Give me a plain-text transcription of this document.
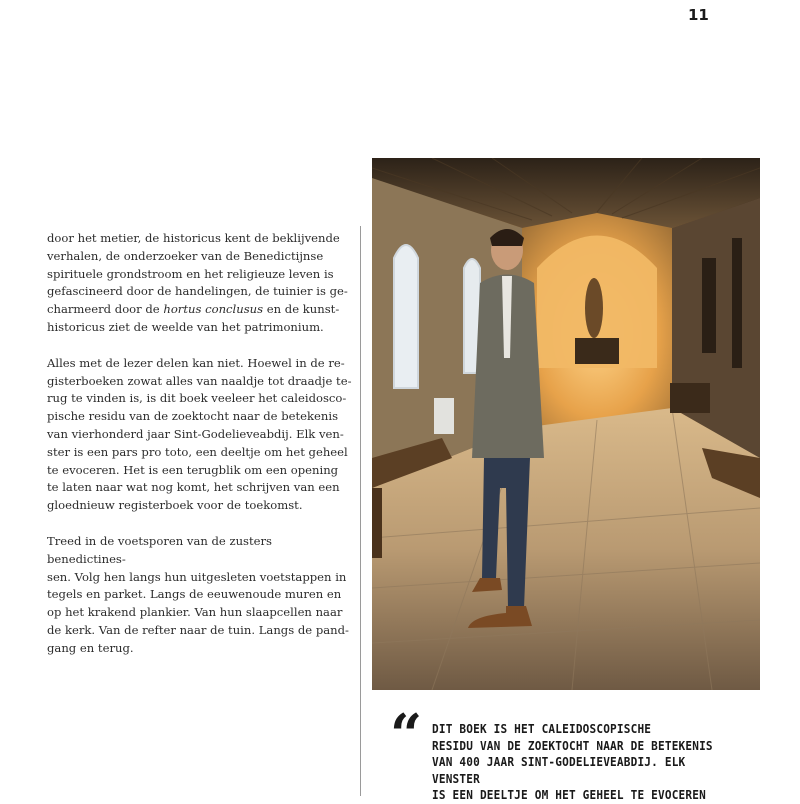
11

door het metier, de historicus kent de beklijvende
verhalen, de onderzoeker van de Benedictijnse
spirituele grondstroom en het religieuze leven is
gefascineerd door de handelingen, de tuinier is ge-
charmeerd door de hortus conclusus en de kunst-
historicus ziet de weelde van het patrimonium.

Alles met de lezer delen kan niet. Hoewel in de re-
gisterboeken zowat alles van naaldje tot draadje te-
rug te vinden is, is dit boek veeleer het caleidosco-
pische residu van de zoektocht naar de betekenis
van vierhonderd jaar Sint-Godelieveabdij. Elk ven-
ster is een pars pro toto, een deeltje om het geheel
te evoceren. Het is een terugblik om een opening
te laten naar wat nog komt, het schrijven van een
gloednieuw registerboek voor de toekomst.

Treed in de voetsporen van de zusters benedictines-
sen. Volg hen langs hun uitgesleten voetstappen in
tegels en parket. Langs de eeuwenoude muren en
op het krakend plankier. Van hun slaapcellen naar
de kerk. Van de refter naar de tuin. Langs de pand-
gang en terug.

“ DIT BOEK IS HET CALEIDOSCOPISCHE
RESIDU VAN DE ZOEKTOCHT NAAR DE BETEKENIS
VAN 400 JAAR SINT-GODELIEVEABDIJ. ELK VENSTER
IS EEN DEELTJE OM HET GEHEEL TE EVOCEREN
